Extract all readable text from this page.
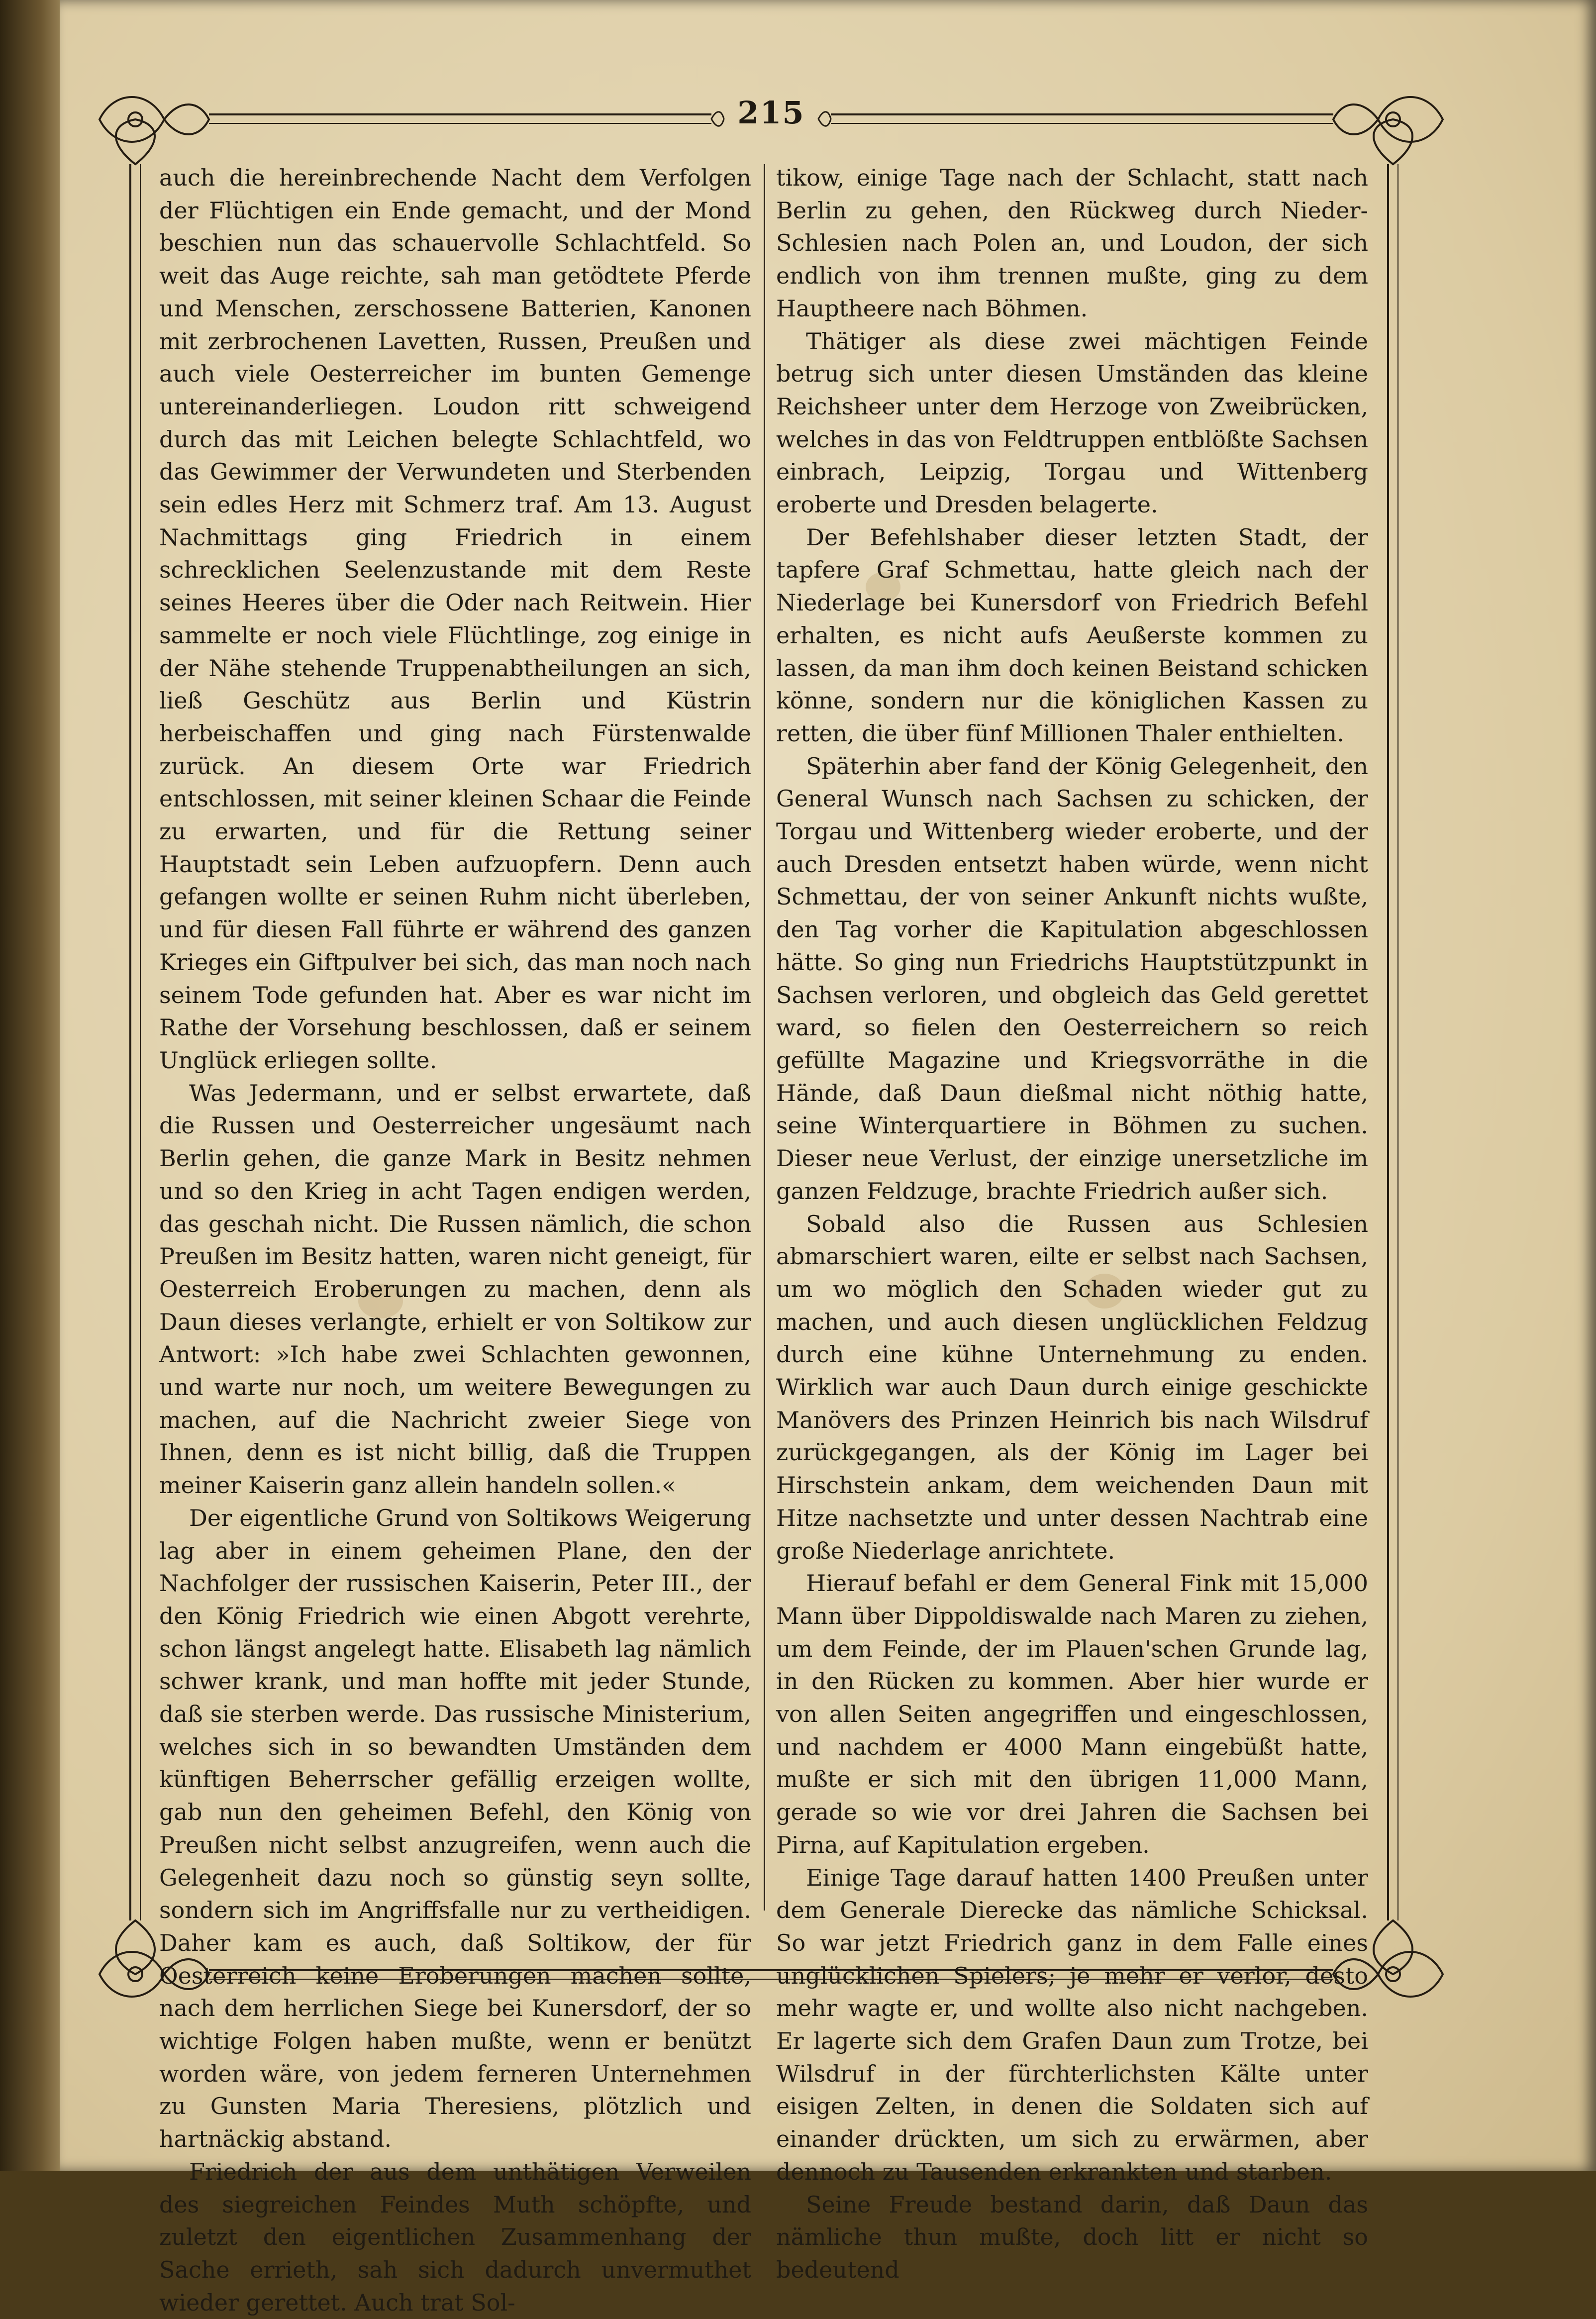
215

auch die hereinbrechende Nacht dem Verfolgen der Flüchtigen ein Ende gemacht, und der Mond beschien nun das schauervolle Schlachtfeld. So weit das Auge reichte, sah man getödtete Pferde und Menschen, zerschossene Batterien, Kanonen mit zerbrochenen Lavetten, Russen, Preußen und auch viele Oesterreicher im bunten Gemenge untereinanderliegen. Loudon ritt schweigend durch das mit Leichen belegte Schlachtfeld, wo das Gewimmer der Verwundeten und Sterbenden sein edles Herz mit Schmerz traf. Am 13. August Nachmittags ging Friedrich in einem schrecklichen Seelenzustande mit dem Reste seines Heeres über die Oder nach Reitwein. Hier sammelte er noch viele Flüchtlinge, zog einige in der Nähe stehende Truppenabtheilungen an sich, ließ Geschütz aus Berlin und Küstrin herbeischaffen und ging nach Fürstenwalde zurück. An diesem Orte war Friedrich entschlossen, mit seiner kleinen Schaar die Feinde zu erwarten, und für die Rettung seiner Hauptstadt sein Leben aufzuopfern. Denn auch gefangen wollte er seinen Ruhm nicht überleben, und für diesen Fall führte er während des ganzen Krieges ein Giftpulver bei sich, das man noch nach seinem Tode gefunden hat. Aber es war nicht im Rathe der Vorsehung beschlossen, daß er seinem Unglück erliegen sollte.

Was Jedermann, und er selbst erwartete, daß die Russen und Oesterreicher ungesäumt nach Berlin gehen, die ganze Mark in Besitz nehmen und so den Krieg in acht Tagen endigen werden, das geschah nicht. Die Russen nämlich, die schon Preußen im Besitz hatten, waren nicht geneigt, für Oesterreich Eroberungen zu machen, denn als Daun dieses verlangte, erhielt er von Soltikow zur Antwort: »Ich habe zwei Schlachten gewonnen, und warte nur noch, um weitere Bewegungen zu machen, auf die Nachricht zweier Siege von Ihnen, denn es ist nicht billig, daß die Truppen meiner Kaiserin ganz allein handeln sollen.«

Der eigentliche Grund von Soltikows Weigerung lag aber in einem geheimen Plane, den der Nachfolger der russischen Kaiserin, Peter III., der den König Friedrich wie einen Abgott verehrte, schon längst angelegt hatte. Elisabeth lag nämlich schwer krank, und man hoffte mit jeder Stunde, daß sie sterben werde. Das russische Ministerium, welches sich in so bewandten Umständen dem künftigen Beherrscher gefällig erzeigen wollte, gab nun den geheimen Befehl, den König von Preußen nicht selbst anzugreifen, wenn auch die Gelegenheit dazu noch so günstig seyn sollte, sondern sich im Angriffsfalle nur zu vertheidigen. Daher kam es auch, daß Soltikow, der für Oesterreich keine Eroberungen machen sollte, nach dem herrlichen Siege bei Kunersdorf, der so wichtige Folgen haben mußte, wenn er benützt worden wäre, von jedem ferneren Unternehmen zu Gunsten Maria Theresiens, plötzlich und hartnäckig abstand.

Friedrich der aus dem unthätigen Verweilen des siegreichen Feindes Muth schöpfte, und zuletzt den eigentlichen Zusammenhang der Sache errieth, sah sich dadurch unvermuthet wieder gerettet. Auch trat Sol-

tikow, einige Tage nach der Schlacht, statt nach Berlin zu gehen, den Rückweg durch Nieder-Schlesien nach Polen an, und Loudon, der sich endlich von ihm trennen mußte, ging zu dem Hauptheere nach Böhmen.

Thätiger als diese zwei mächtigen Feinde betrug sich unter diesen Umständen das kleine Reichsheer unter dem Herzoge von Zweibrücken, welches in das von Feldtruppen entblößte Sachsen einbrach, Leipzig, Torgau und Wittenberg eroberte und Dresden belagerte.

Der Befehlshaber dieser letzten Stadt, der tapfere Graf Schmettau, hatte gleich nach der Niederlage bei Kunersdorf von Friedrich Befehl erhalten, es nicht aufs Aeußerste kommen zu lassen, da man ihm doch keinen Beistand schicken könne, sondern nur die königlichen Kassen zu retten, die über fünf Millionen Thaler enthielten.

Späterhin aber fand der König Gelegenheit, den General Wunsch nach Sachsen zu schicken, der Torgau und Wittenberg wieder eroberte, und der auch Dresden entsetzt haben würde, wenn nicht Schmettau, der von seiner Ankunft nichts wußte, den Tag vorher die Kapitulation abgeschlossen hätte. So ging nun Friedrichs Hauptstützpunkt in Sachsen verloren, und obgleich das Geld gerettet ward, so fielen den Oesterreichern so reich gefüllte Magazine und Kriegsvorräthe in die Hände, daß Daun dießmal nicht nöthig hatte, seine Winterquartiere in Böhmen zu suchen. Dieser neue Verlust, der einzige unersetzliche im ganzen Feldzuge, brachte Friedrich außer sich.

Sobald also die Russen aus Schlesien abmarschiert waren, eilte er selbst nach Sachsen, um wo möglich den Schaden wieder gut zu machen, und auch diesen unglücklichen Feldzug durch eine kühne Unternehmung zu enden. Wirklich war auch Daun durch einige geschickte Manövers des Prinzen Heinrich bis nach Wilsdruf zurückgegangen, als der König im Lager bei Hirschstein ankam, dem weichenden Daun mit Hitze nachsetzte und unter dessen Nachtrab eine große Niederlage anrichtete.

Hierauf befahl er dem General Fink mit 15,000 Mann über Dippoldiswalde nach Maren zu ziehen, um dem Feinde, der im Plauen'schen Grunde lag, in den Rücken zu kommen. Aber hier wurde er von allen Seiten angegriffen und eingeschlossen, und nachdem er 4000 Mann eingebüßt hatte, mußte er sich mit den übrigen 11,000 Mann, gerade so wie vor drei Jahren die Sachsen bei Pirna, auf Kapitulation ergeben.

Einige Tage darauf hatten 1400 Preußen unter dem Generale Dierecke das nämliche Schicksal. So war jetzt Friedrich ganz in dem Falle eines unglücklichen Spielers; je mehr er verlor, desto mehr wagte er, und wollte also nicht nachgeben. Er lagerte sich dem Grafen Daun zum Trotze, bei Wilsdruf in der fürchterlichsten Kälte unter eisigen Zelten, in denen die Soldaten sich auf einander drückten, um sich zu erwärmen, aber dennoch zu Tausenden erkrankten und starben.

Seine Freude bestand darin, daß Daun das nämliche thun mußte, doch litt er nicht so bedeutend
